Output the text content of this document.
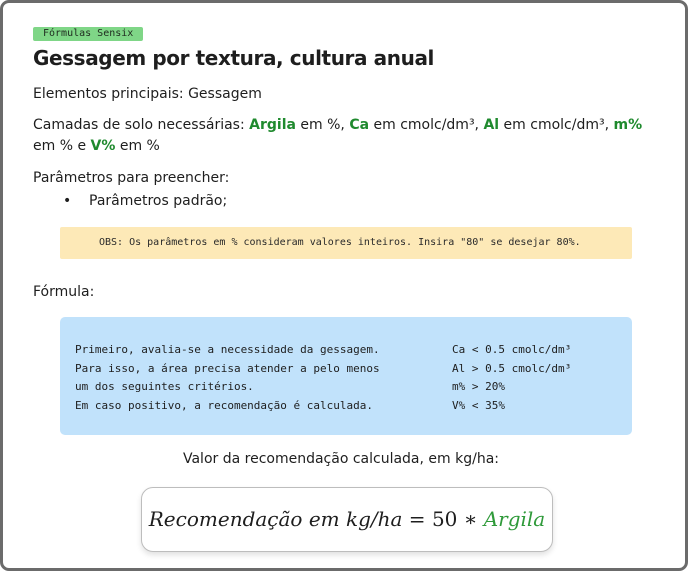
Fórmulas Sensix
Gessagem por textura, cultura anual

Elementos principais: Gessagem

Camadas de solo necessárias: Argila em %, Ca em cmolc/dm³, Al em cmolc/dm³, m% em % e V% em %

Parâmetros para preencher:

• Parâmetros padrão;
OBS: Os parâmetros em % consideram valores inteiros. Insira "80" se desejar 80%.

Fórmula:

Primeiro, avalia-se a necessidade da gessagem.	Ca < 0.5 cmolc/dm³
Para isso, a área precisa atender a pelo menos	Al > 0.5 cmolc/dm³
um dos seguintes critérios.	m% > 20%
Em caso positivo, a recomendação é calculada.	V% < 35%

Valor da recomendação calculada, em kg/ha:

Recomendação em kg/ha = 50 ∗ Argila
